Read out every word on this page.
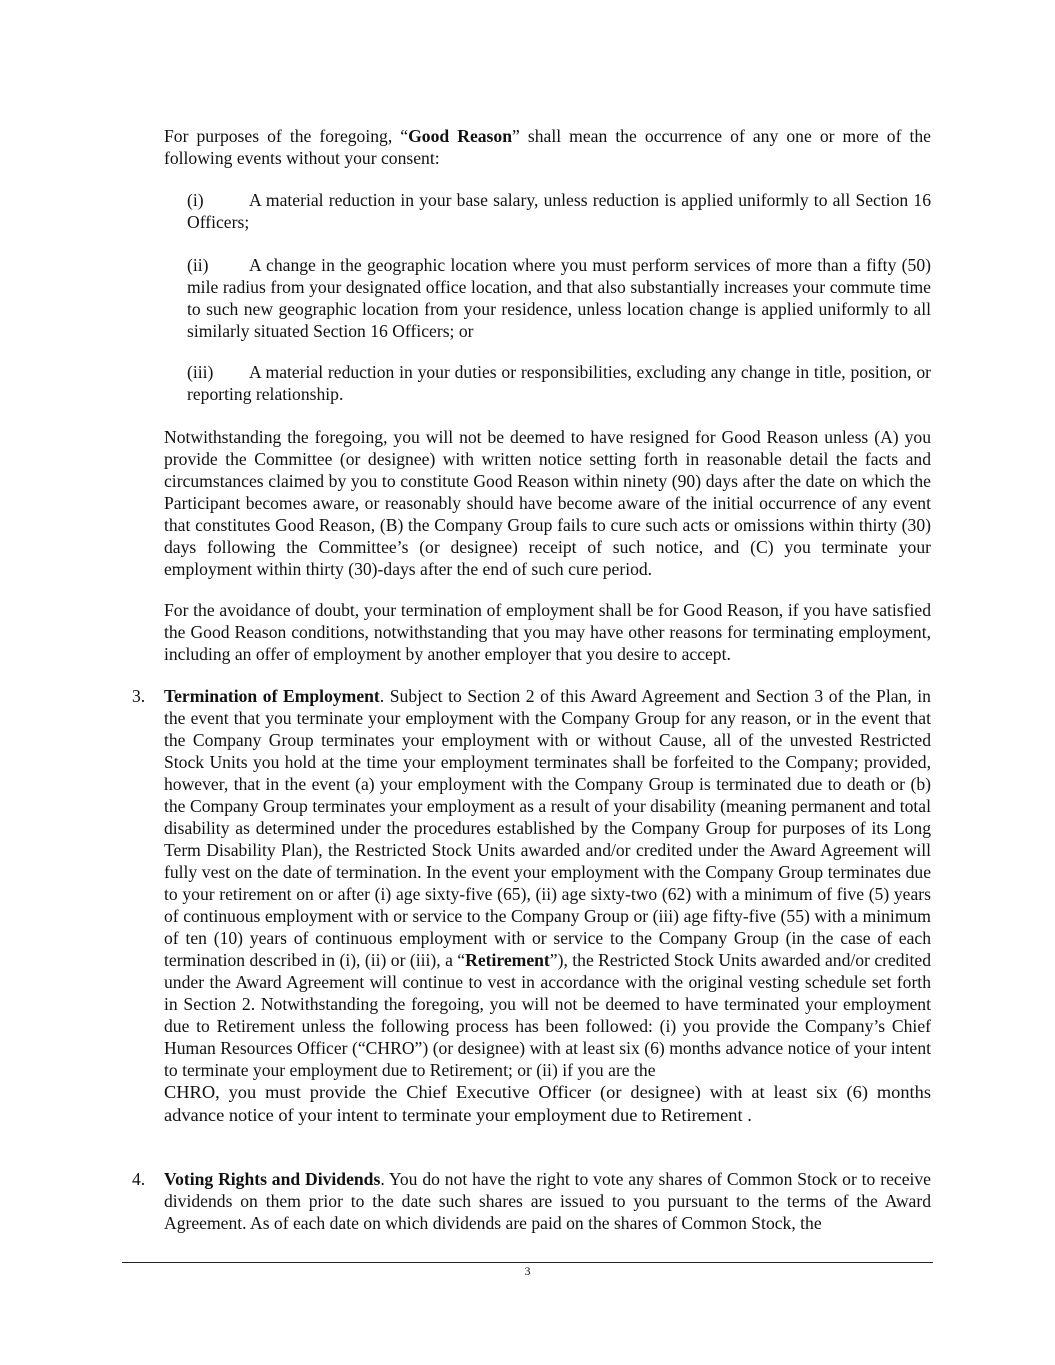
For purposes of the foregoing, “Good Reason” shall mean the occurrence of any one or more of the following events without your consent:

(i)	A material reduction in your base salary, unless reduction is applied uniformly to all Section 16 Officers;

(ii) A change in the geographic location where you must perform services of more than a fifty (50) mile radius from your designated office location, and that also substantially increases your commute time to such new geographic location from your residence, unless location change is applied uniformly to all similarly situated Section 16 Officers; or

(iii) A material reduction in your duties or responsibilities, excluding any change in title, position, or reporting relationship.

Notwithstanding the foregoing, you will not be deemed to have resigned for Good Reason unless (A) you provide the Committee (or designee) with written notice setting forth in reasonable detail the facts and circumstances claimed by you to constitute Good Reason within ninety (90) days after the date on which the Participant becomes aware, or reasonably should have become aware of the initial occurrence of any event that constitutes Good Reason, (B) the Company Group fails to cure such acts or omissions within thirty (30) days following the Committee’s (or designee) receipt of such notice, and (C) you terminate your employment within thirty (30)-days after the end of such cure period.

For the avoidance of doubt, your termination of employment shall be for Good Reason, if you have satisfied the Good Reason conditions, notwithstanding that you may have other reasons for terminating employment, including an offer of employment by another employer that you desire to accept.

3. Termination of Employment. Subject to Section 2 of this Award Agreement and Section 3 of the Plan, in the event that you terminate your employment with the Company Group for any reason, or in the event that the Company Group terminates your employment with or without Cause, all of the unvested Restricted Stock Units you hold at the time your employment terminates shall be forfeited to the Company; provided, however, that in the event (a) your employment with the Company Group is terminated due to death or (b) the Company Group terminates your employment as a result of your disability (meaning permanent and total disability as determined under the procedures established by the Company Group for purposes of its Long Term Disability Plan), the Restricted Stock Units awarded and/or credited under the Award Agreement will fully vest on the date of termination. In the event your employment with the Company Group terminates due to your retirement on or after (i) age sixty-five (65), (ii) age sixty-two (62) with a minimum of five (5) years of continuous employment with or service to the Company Group or (iii) age fifty-five (55) with a minimum of ten (10) years of continuous employment with or service to the Company Group (in the case of each termination described in (i), (ii) or (iii), a “Retirement”), the Restricted Stock Units awarded and/or credited under the Award Agreement will continue to vest in accordance with the original vesting schedule set forth in Section 2. Notwithstanding the foregoing, you will not be deemed to have terminated your employment due to Retirement unless the following process has been followed: (i) you provide the Company’s Chief Human Resources Officer (“CHRO”) (or designee) with at least six (6) months advance notice of your intent to terminate your employment due to Retirement; or (ii) if you are the
CHRO, you must provide the Chief Executive Officer (or designee) with at least six (6) months advance notice of your intent to terminate your employment due to Retirement .
4. Voting Rights and Dividends. You do not have the right to vote any shares of Common Stock or to receive dividends on them prior to the date such shares are issued to you pursuant to the terms of the Award Agreement. As of each date on which dividends are paid on the shares of Common Stock, the
3
